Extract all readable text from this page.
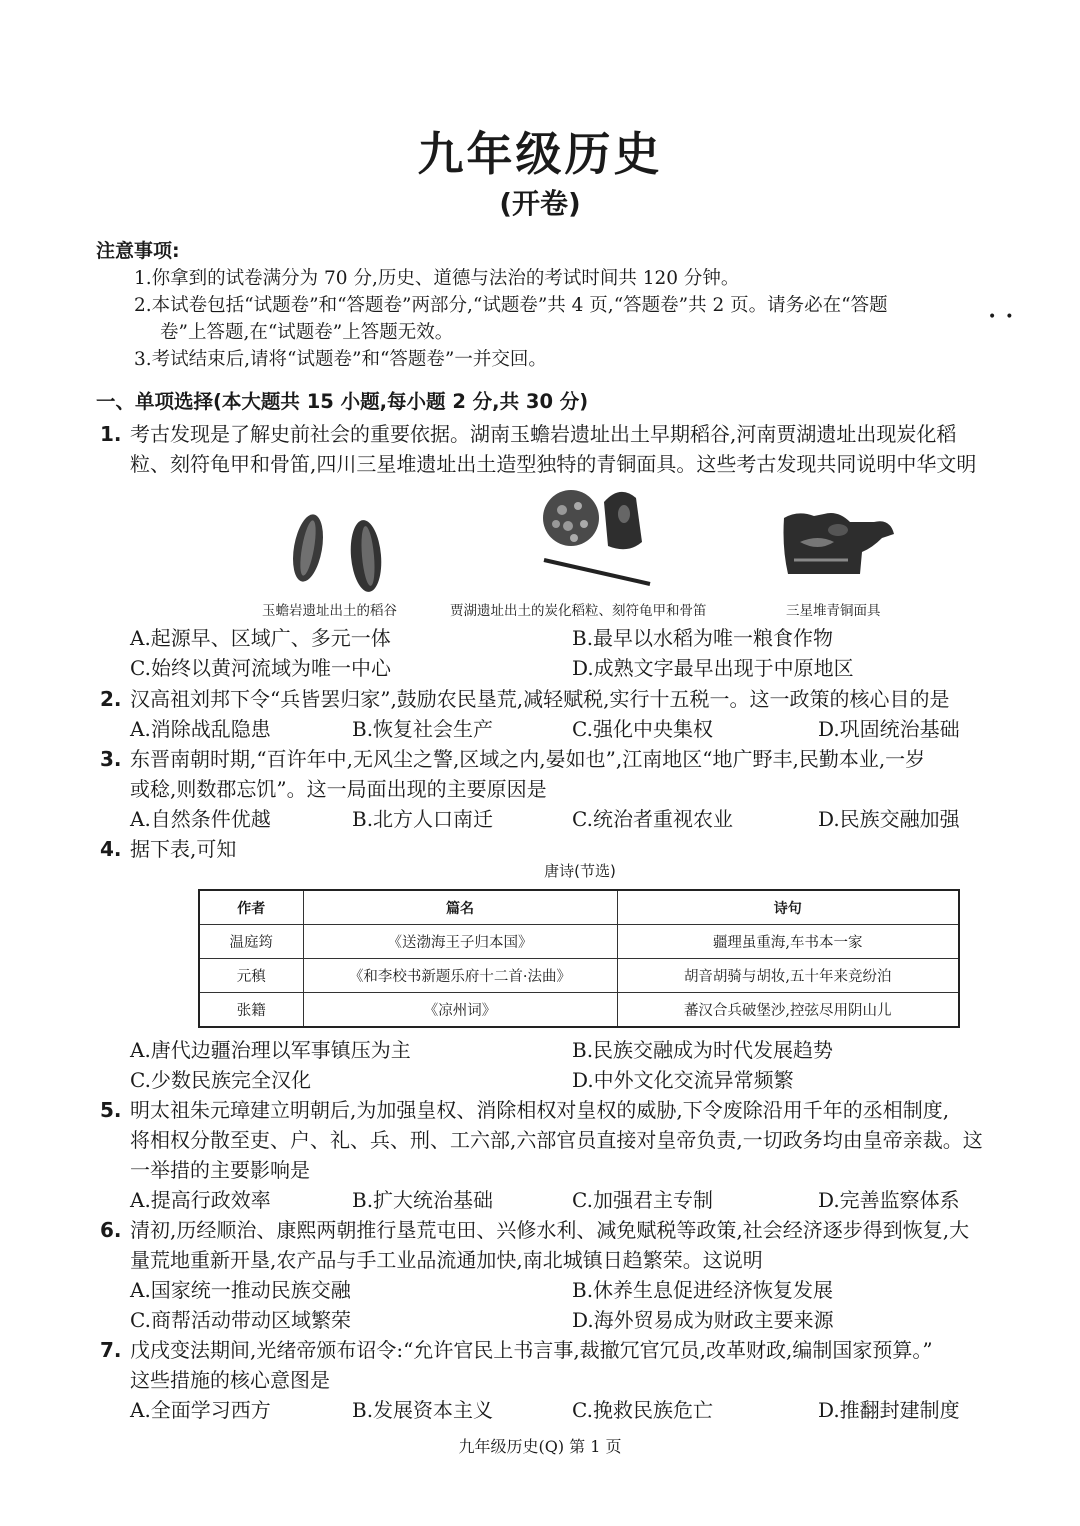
九年级历史
(开卷)
注意事项:
1.你拿到的试卷满分为 70 分,历史、道德与法治的考试时间共 120 分钟。
2.本试卷包括“试题卷”和“答题卷”两部分,“试题卷”共 4 页,“答题卷”共 2 页。请务必在“答题
••
卷”上答题,在“试题卷”上答题无效。
3.考试结束后,请将“试题卷”和“答题卷”一并交回。
一、单项选择(本大题共 15 小题,每小题 2 分,共 30 分)
1. 考古发现是了解史前社会的重要依据。湖南玉蟾岩遗址出土早期稻谷,河南贾湖遗址出现炭化稻
粒、刻符龟甲和骨笛,四川三星堆遗址出土造型独特的青铜面具。这些考古发现共同说明中华文明
玉蟾岩遗址出土的稻谷	贾湖遗址出土的炭化稻粒、刻符龟甲和骨笛	三星堆青铜面具
A.起源早、区域广、多元一体	B.最早以水稻为唯一粮食作物
C.始终以黄河流域为唯一中心	D.成熟文字最早出现于中原地区
2. 汉高祖刘邦下令“兵皆罢归家”,鼓励农民垦荒,减轻赋税,实行十五税一。这一政策的核心目的是
A.消除战乱隐患	B.恢复社会生产	C.强化中央集权	D.巩固统治基础
3. 东晋南朝时期,“百许年中,无风尘之警,区域之内,晏如也”,江南地区“地广野丰,民勤本业,一岁
或稔,则数郡忘饥”。这一局面出现的主要原因是
A.自然条件优越	B.北方人口南迁	C.统治者重视农业	D.民族交融加强
4. 据下表,可知
唐诗(节选)
作者	篇名	诗句
温庭筠	《送渤海王子归本国》	疆理虽重海,车书本一家
元稹	《和李校书新题乐府十二首·法曲》	胡音胡骑与胡妆,五十年来竞纷泊
张籍	《凉州词》	蕃汉合兵破堡沙,控弦尽用阴山儿
A.唐代边疆治理以军事镇压为主	B.民族交融成为时代发展趋势
C.少数民族完全汉化	D.中外文化交流异常频繁
5. 明太祖朱元璋建立明朝后,为加强皇权、消除相权对皇权的威胁,下令废除沿用千年的丞相制度,
将相权分散至吏、户、礼、兵、刑、工六部,六部官员直接对皇帝负责,一切政务均由皇帝亲裁。这
一举措的主要影响是
A.提高行政效率	B.扩大统治基础	C.加强君主专制	D.完善监察体系
6. 清初,历经顺治、康熙两朝推行垦荒屯田、兴修水利、减免赋税等政策,社会经济逐步得到恢复,大
量荒地重新开垦,农产品与手工业品流通加快,南北城镇日趋繁荣。这说明
A.国家统一推动民族交融	B.休养生息促进经济恢复发展
C.商帮活动带动区域繁荣	D.海外贸易成为财政主要来源
7. 戊戌变法期间,光绪帝颁布诏令:“允许官民上书言事,裁撤冗官冗员,改革财政,编制国家预算。”
这些措施的核心意图是
A.全面学习西方	B.发展资本主义	C.挽救民族危亡	D.推翻封建制度
九年级历史(Q) 第 1 页
